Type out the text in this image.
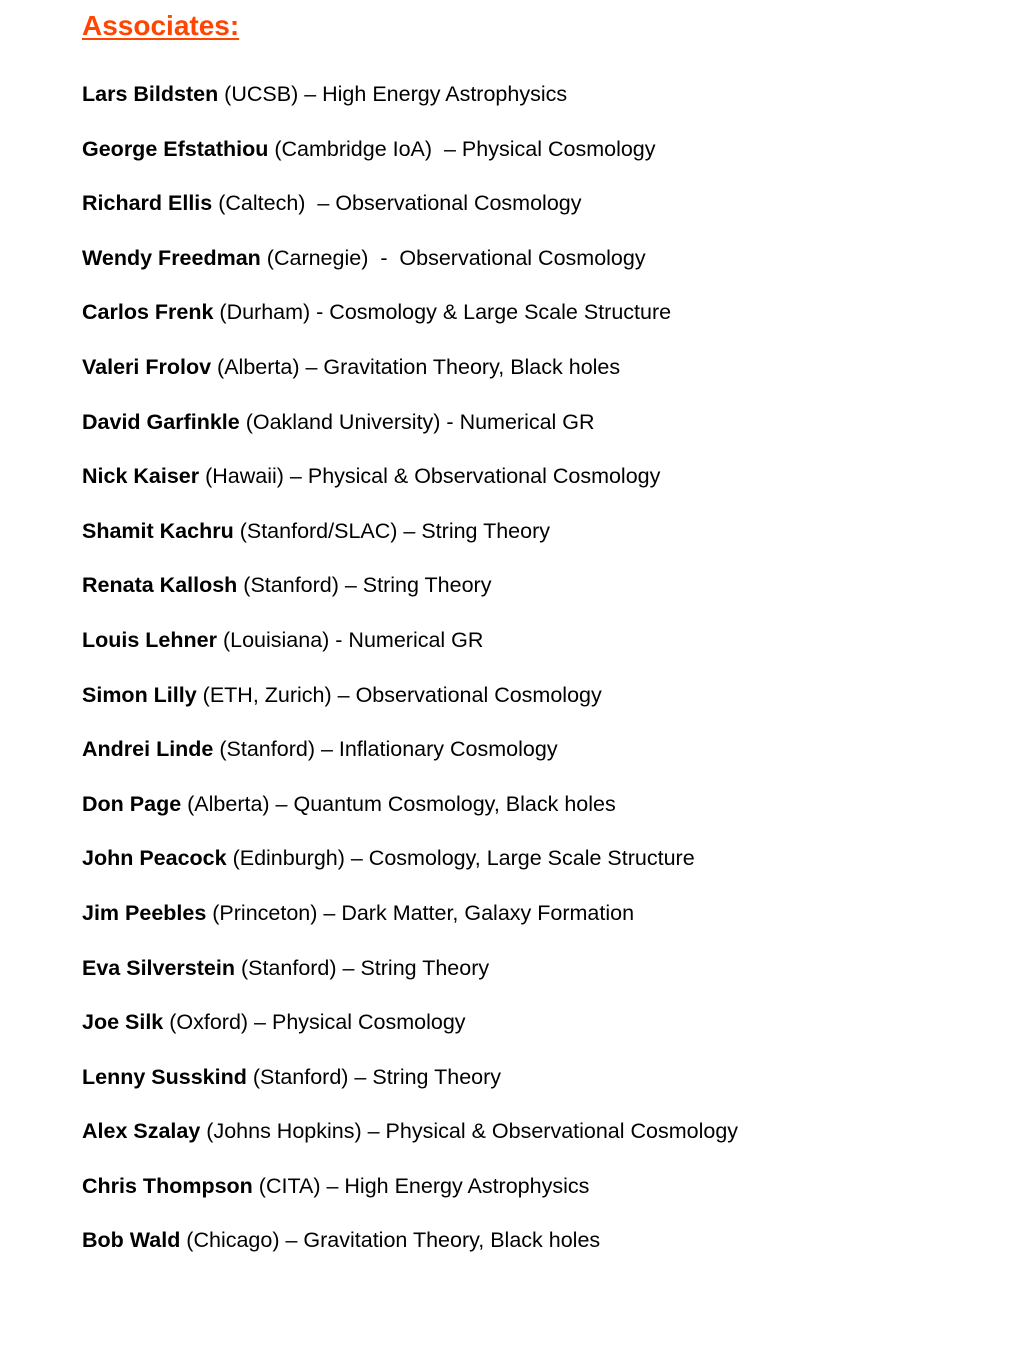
Associates:
Lars Bildsten (UCSB) – High Energy Astrophysics
George Efstathiou (Cambridge IoA)  – Physical Cosmology
Richard Ellis (Caltech)  – Observational Cosmology
Wendy Freedman (Carnegie)  -  Observational Cosmology
Carlos Frenk (Durham) - Cosmology & Large Scale Structure
Valeri Frolov (Alberta) – Gravitation Theory, Black holes
David Garfinkle (Oakland University) - Numerical GR
Nick Kaiser (Hawaii) – Physical & Observational Cosmology
Shamit Kachru (Stanford/SLAC) – String Theory
Renata Kallosh (Stanford) – String Theory
Louis Lehner (Louisiana) - Numerical GR
Simon Lilly (ETH, Zurich) – Observational Cosmology
Andrei Linde (Stanford) – Inflationary Cosmology
Don Page (Alberta) – Quantum Cosmology, Black holes
John Peacock (Edinburgh) – Cosmology, Large Scale Structure
Jim Peebles (Princeton) – Dark Matter, Galaxy Formation
Eva Silverstein (Stanford) – String Theory
Joe Silk (Oxford) – Physical Cosmology
Lenny Susskind (Stanford) – String Theory
Alex Szalay (Johns Hopkins) – Physical & Observational Cosmology
Chris Thompson (CITA) – High Energy Astrophysics
Bob Wald (Chicago) – Gravitation Theory, Black holes
